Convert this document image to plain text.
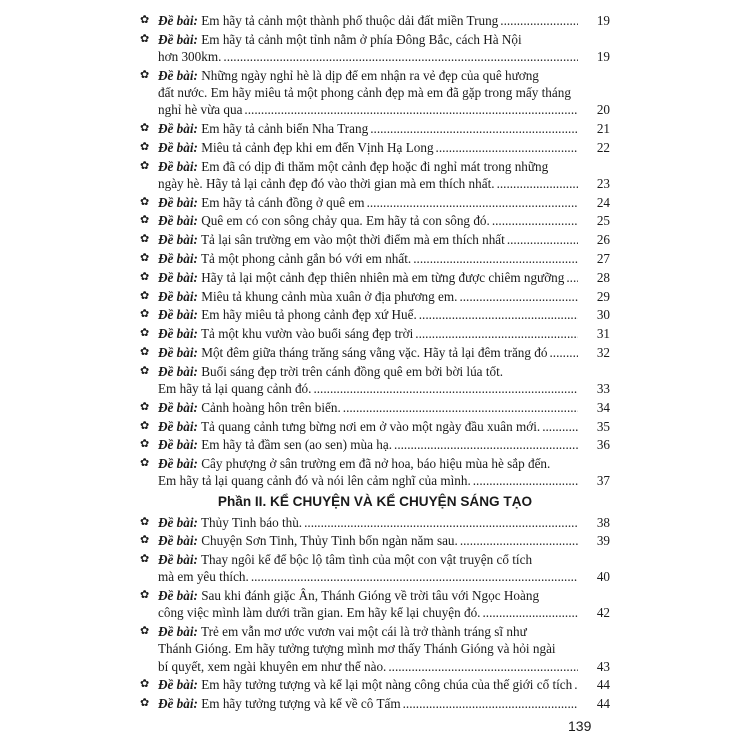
✿ Đề bài: Em hãy tả cảnh một thành phố thuộc dải đất miền Trung .....	19
✿ Đề bài: Em hãy tả cảnh một tỉnh nằm ở phía Đông Bắc, cách Hà Nội
hơn 300km. .....	19
✿ Đề bài: Những ngày nghỉ hè là dịp để em nhận ra vẻ đẹp của quê hương
đất nước. Em hãy miêu tả một phong cảnh đẹp mà em đã gặp trong mấy tháng
nghỉ hè vừa qua .....	20
✿ Đề bài: Em hãy tả cảnh biển Nha Trang .....	21
✿ Đề bài: Miêu tả cảnh đẹp khi em đến Vịnh Hạ Long .....	22
✿ Đề bài: Em đã có dịp đi thăm một cảnh đẹp hoặc đi nghỉ mát trong những
ngày hè. Hãy tả lại cảnh đẹp đó vào thời gian mà em thích nhất. .....	23
✿ Đề bài: Em hãy tả cánh đồng ở quê em .....	24
✿ Đề bài: Quê em có con sông chảy qua. Em hãy tả con sông đó. .....	25
✿ Đề bài: Tả lại sân trường em vào một thời điểm mà em thích nhất .....	26
✿ Đề bài: Tả một phong cảnh gắn bó với em nhất. .....	27
✿ Đề bài: Hãy tả lại một cảnh đẹp thiên nhiên mà em từng được chiêm ngưỡng ..... 28
✿ Đề bài: Miêu tả khung cảnh mùa xuân ở địa phương em. .....	29
✿ Đề bài: Em hãy miêu tả phong cảnh đẹp xứ Huế. .....	30
✿ Đề bài: Tả một khu vườn vào buổi sáng đẹp trời .....	31
✿ Đề bài: Một đêm giữa tháng trăng sáng vằng vặc. Hãy tả lại đêm trăng đó .....	32
✿ Đề bài: Buổi sáng đẹp trời trên cánh đồng quê em bởi bời lúa tốt.
Em hãy tả lại quang cảnh đó. .....	33
✿ Đề bài: Cảnh hoàng hôn trên biển. .....	34
✿ Đề bài: Tả quang cảnh tưng bừng nơi em ở vào một ngày đầu xuân mới. .....	35
✿ Đề bài: Em hãy tả đầm sen (ao sen) mùa hạ. .....	36
✿ Đề bài: Cây phượng ở sân trường em đã nở hoa, báo hiệu mùa hè sắp đến.
Em hãy tả lại quang cảnh đó và nói lên cảm nghĩ của mình. .....	37
Phần II. KỂ CHUYỆN VÀ KỂ CHUYỆN SÁNG TẠO
✿ Đề bài: Thủy Tinh báo thù. .....	38
✿ Đề bài: Chuyện Sơn Tinh, Thủy Tinh bốn ngàn năm sau. .....	39
✿ Đề bài: Thay ngôi kể để bộc lộ tâm tình của một con vật truyện cổ tích
mà em yêu thích. .....	40
✿ Đề bài: Sau khi đánh giặc Ân, Thánh Gióng về trời tâu với Ngọc Hoàng
công việc mình làm dưới trần gian. Em hãy kể lại chuyện đó. .....	42
✿ Đề bài: Trẻ em vẫn mơ ước vươn vai một cái là trở thành tráng sĩ như
Thánh Gióng. Em hãy tưởng tượng mình mơ thấy Thánh Gióng và hỏi ngài
bí quyết, xem ngài khuyên em như thế nào. .....	43
✿ Đề bài: Em hãy tưởng tượng và kể lại một nàng công chúa của thế giới cổ tích ..... 44
✿ Đề bài: Em hãy tưởng tượng và kể về cô Tấm .....	44
139
